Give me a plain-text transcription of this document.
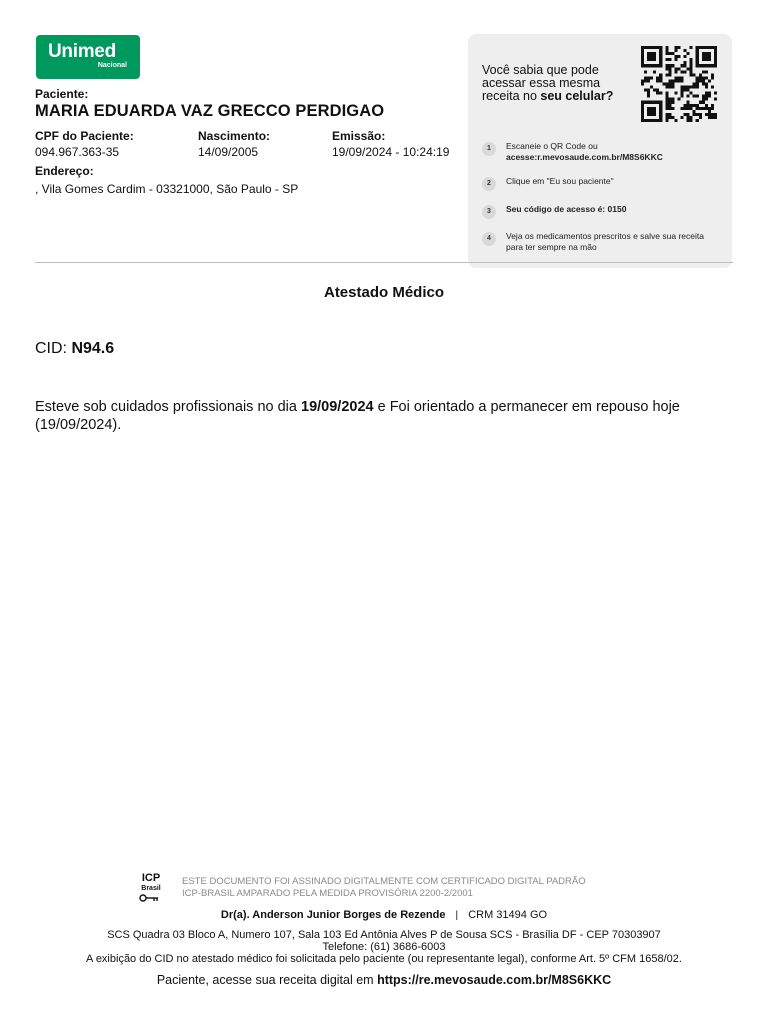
Unimed
Nacional
Paciente:
MARIA EDUARDA VAZ GRECCO PERDIGAO
CPF do Paciente:
094.967.363-35
Nascimento:
14/09/2005
Emissão:
19/09/2024 - 10:24:19
Endereço:
, Vila Gomes Cardim - 03321000, São Paulo - SP
Você sabia que pode acessar essa mesma receita no seu celular?
1	Escaneie o QR Code ou
acesse:r.mevosaude.com.br/M8S6KKC
2	Clique em "Eu sou paciente"
3	Seu código de acesso é: 0150
4	Veja os medicamentos prescritos e salve sua receita para ter sempre na mão
Atestado Médico
CID: N94.6
Esteve sob cuidados profissionais no dia 19/09/2024 e Foi orientado a permanecer em repouso hoje (19/09/2024).
ICP
Brasil
ESTE DOCUMENTO FOI ASSINADO DIGITALMENTE COM CERTIFICADO DIGITAL PADRÃO
ICP-BRASIL AMPARADO PELA MEDIDA PROVISÓRIA 2200-2/2001
Dr(a). Anderson Junior Borges de Rezende | CRM 31494 GO
SCS Quadra 03 Bloco A, Numero 107, Sala 103 Ed Antônia Alves P de Sousa SCS - Brasília DF - CEP 70303907
Telefone: (61) 3686-6003
A exibição do CID no atestado médico foi solicitada pelo paciente (ou representante legal), conforme Art. 5º CFM 1658/02.
Paciente, acesse sua receita digital em https://re.mevosaude.com.br/M8S6KKC
